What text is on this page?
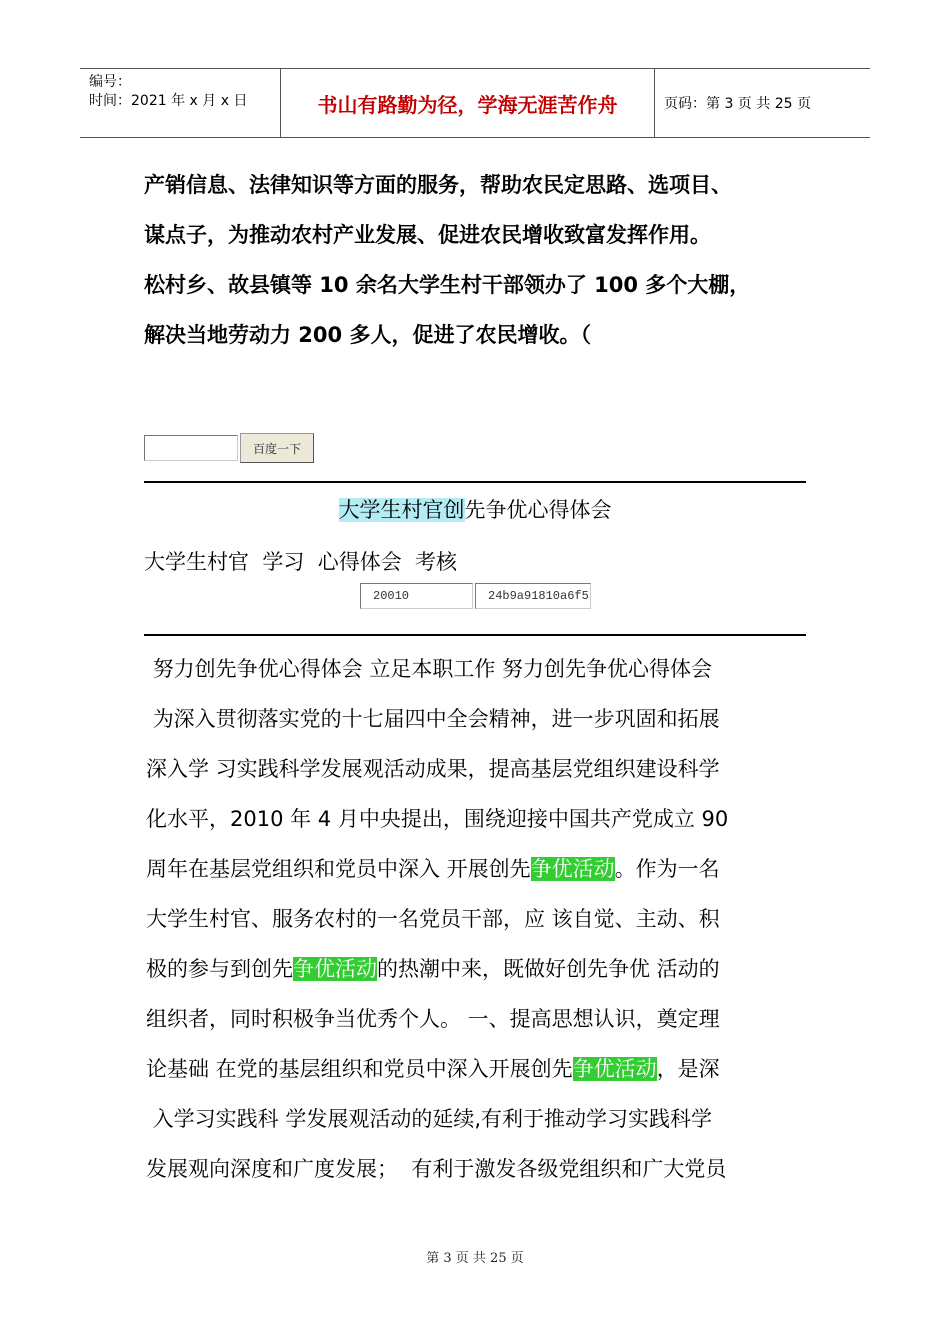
编号：
时间：2021 年 x 月 x 日	书山有路勤为径，学海无涯苦作舟	页码：第 3 页 共 25 页

产销信息、法律知识等方面的服务，帮助农民定思路、选项目、

谋点子，为推动农村产业发展、促进农民增收致富发挥作用。

松村乡、故县镇等 10 余名大学生村干部领办了 100 多个大棚，

解决当地劳动力 200 多人，促进了农民增收。（

百度一下
大学生村官创先争优心得体会
大学生村官  学习  心得体会  考核
20010	24b9a91810a6f5

努力创先争优心得体会 立足本职工作 努力创先争优心得体会

为深入贯彻落实党的十七届四中全会精神，进一步巩固和拓展

深入学 习实践科学发展观活动成果，提高基层党组织建设科学

化水平，2010 年 4 月中央提出，围绕迎接中国共产党成立 90

周年在基层党组织和党员中深入 开展创先争优活动。作为一名

大学生村官、服务农村的一名党员干部，应 该自觉、主动、积

极的参与到创先争优活动的热潮中来，既做好创先争优 活动的

组织者，同时积极争当优秀个人。 一、提高思想认识，奠定理

论基础 在党的基层组织和党员中深入开展创先争优活动，是深

入学习实践科 学发展观活动的延续,有利于推动学习实践科学

发展观向深度和广度发展；  有利于激发各级党组织和广大党员

第 3 页 共 25 页
